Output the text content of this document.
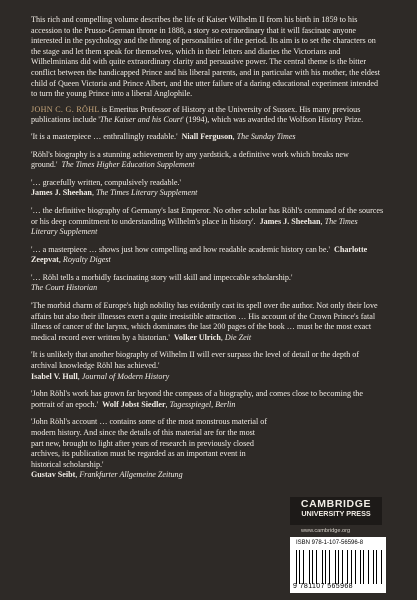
This rich and compelling volume describes the life of Kaiser Wilhelm II from his birth in 1859 to his accession to the Prusso-German throne in 1888, a story so extraordinary that it will fascinate anyone interested in the psychology and the throng of personalities of the period. Its aim is to set the characters on the stage and let them speak for themselves, which in their letters and diaries the Victorians and Wilhelminians did with quite extraordinary clarity and persuasive power. The central theme is the bitter conflict between the handicapped Prince and his liberal parents, and in particular with his mother, the eldest child of Queen Victoria and Prince Albert, and the utter failure of a daring educational experiment intended to turn the young Prince into a liberal Anglophile.

JOHN C. G. RÖHL is Emeritus Professor of History at the University of Sussex. His many previous publications include 'The Kaiser and his Court' (1994), which was awarded the Wolfson History Prize.

'It is a masterpiece … enthrallingly readable.' Niall Ferguson, The Sunday Times

'Röhl's biography is a stunning achievement by any yardstick, a definitive work which breaks new ground.' The Times Higher Education Supplement

'… gracefully written, compulsively readable.'
James J. Sheehan, The Times Literary Supplement

'… the definitive biography of Germany's last Emperor. No other scholar has Röhl's command of the sources or his deep commitment to understanding Wilhelm's place in history'. James J. Sheehan, The Times Literary Supplement

'… a masterpiece … shows just how compelling and how readable academic history can be.' Charlotte Zeepvat, Royalty Digest

'… Röhl tells a morbidly fascinating story will skill and impeccable scholarship.'
The Court Historian

'The morbid charm of Europe's high nobility has evidently cast its spell over the author. Not only their love affairs but also their illnesses exert a quite irresistible attraction … His account of the Crown Prince's fatal illness of cancer of the larynx, which dominates the last 200 pages of the book … must be the most exact medical record ever written by a historian.' Volker Ulrich, Die Zeit

'It is unlikely that another biography of Wilhelm II will ever surpass the level of detail or the depth of archival knowledge Röhl has achieved.'
Isabel V. Hull, Journal of Modern History

'John Röhl's work has grown far beyond the compass of a biography, and comes close to becoming the portrait of an epoch.' Wolf Jobst Siedler, Tagesspiegel, Berlin

'John Röhl's account … contains some of the most monstrous material of modern history. And since the details of this material are for the most part new, brought to light after years of research in previously closed archives, its publication must be regarded as an important event in historical scholarship.'
Gustav Seibt, Frankfurter Allgemeine Zeitung

CAMBRIDGE
UNIVERSITY PRESS
www.cambridge.org
ISBN 978-1-107-56596-8
9 781107 565968
